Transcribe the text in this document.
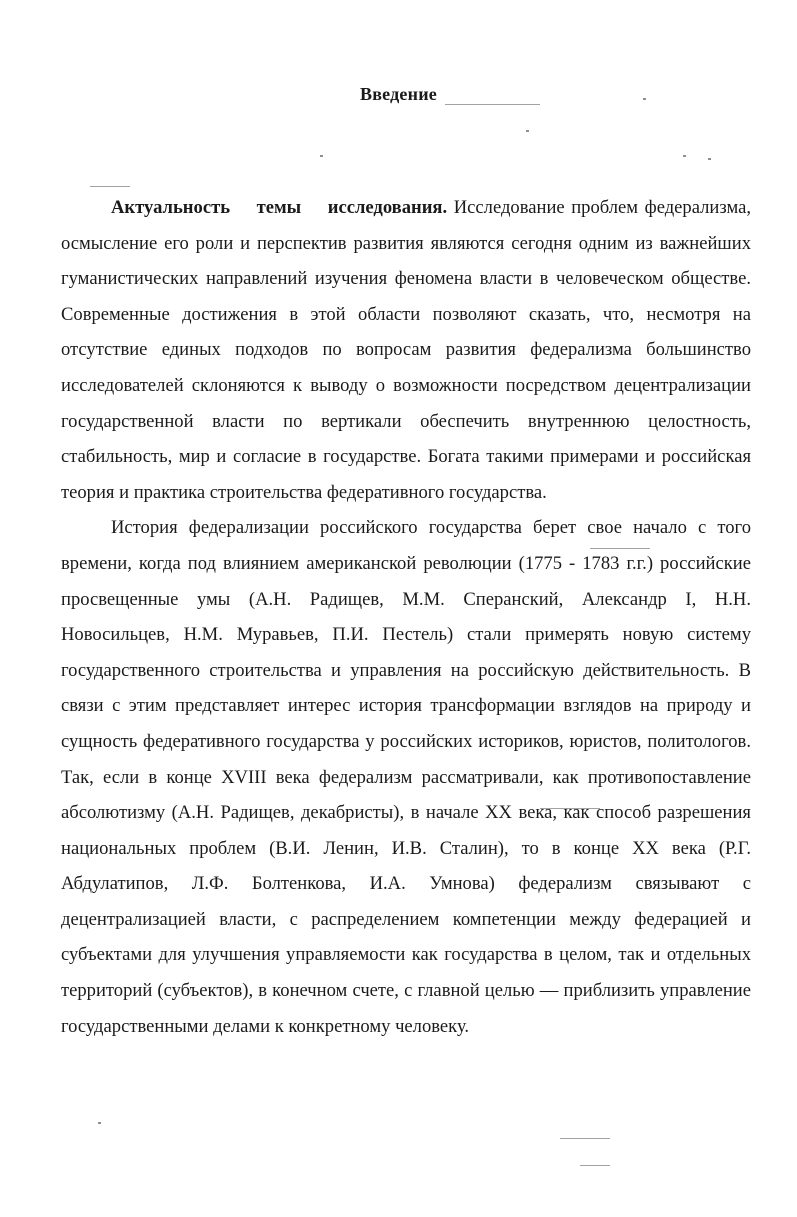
Введение

Актуальность темы исследования. Исследование проблем федерализма, осмысление его роли и перспектив развития являются сегодня одним из важнейших гуманистических направлений изучения феномена власти в человеческом обществе. Современные достижения в этой области позволяют сказать, что, несмотря на отсутствие единых подходов по вопросам развития федерализма большинство исследователей склоняются к выводу о возможности посредством децентрализации государственной власти по вертикали обеспечить внутреннюю целостность, стабильность, мир и согласие в государстве. Богата такими примерами и российская теория и практика строительства федеративного государства.

История федерализации российского государства берет свое начало с того времени, когда под влиянием американской революции (1775 - 1783 г.г.) российские просвещенные умы (А.Н. Радищев, М.М. Сперанский, Александр I, Н.Н. Новосильцев, Н.М. Муравьев, П.И. Пестель) стали примерять новую систему государственного строительства и управления на российскую действительность. В связи с этим представляет интерес история трансформации взглядов на природу и сущность федеративного государства у российских историков, юристов, политологов. Так, если в конце XVIII века федерализм рассматривали, как противопоставление абсолютизму (А.Н. Радищев, декабристы), в начале XX века, как способ разрешения национальных проблем (В.И. Ленин, И.В. Сталин), то в конце XX века (Р.Г. Абдулатипов, Л.Ф. Болтенкова, И.А. Умнова) федерализм связывают с децентрализацией власти, с распределением компетенции между федерацией и субъектами для улучшения управляемости как государства в целом, так и отдельных территорий (субъектов), в конечном счете, с главной целью — приблизить управление государственными делами к конкретному человеку.
